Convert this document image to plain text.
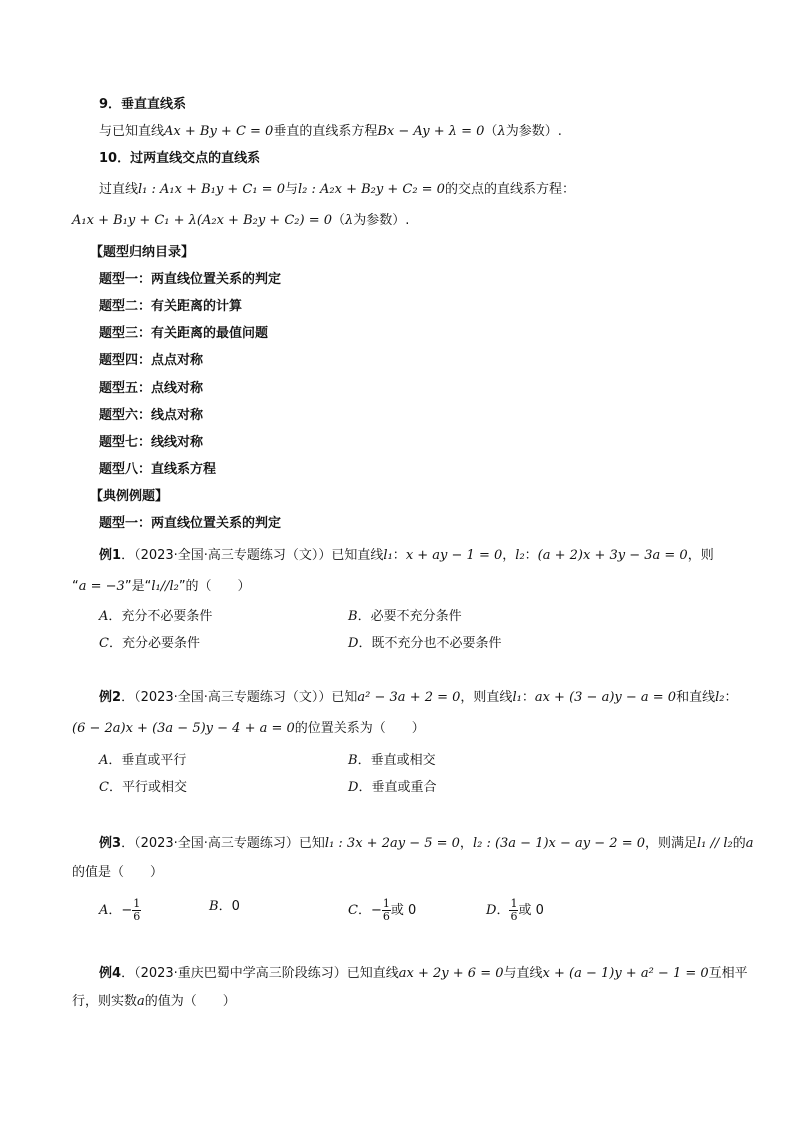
9．垂直直线系
与已知直线Ax + By + C = 0垂直的直线系方程Bx − Ay + λ = 0（λ为参数）.
10．过两直线交点的直线系
过直线l₁ : A₁x + B₁y + C₁ = 0与l₂ : A₂x + B₂y + C₂ = 0的交点的直线系方程：
A₁x + B₁y + C₁ + λ(A₂x + B₂y + C₂) = 0（λ为参数）.
【题型归纳目录】
题型一：两直线位置关系的判定
题型二：有关距离的计算
题型三：有关距离的最值问题
题型四：点点对称
题型五：点线对称
题型六：线点对称
题型七：线线对称
题型八：直线系方程
【典例例题】
题型一：两直线位置关系的判定
例1．（2023·全国·高三专题练习（文））已知直线l₁：x + ay − 1 = 0，l₂：(a + 2)x + 3y − 3a = 0，则
“a = −3”是“l₁//l₂”的（　　）
A．充分不必要条件	B．必要不充分条件
C．充分必要条件	D．既不充分也不必要条件
例2．（2023·全国·高三专题练习（文））已知a² − 3a + 2 = 0，则直线l₁：ax + (3 − a)y − a = 0和直线l₂：
(6 − 2a)x + (3a − 5)y − 4 + a = 0的位置关系为（　　）
A．垂直或平行	B．垂直或相交
C．平行或相交	D．垂直或重合
例3．（2023·全国·高三专题练习）已知l₁ : 3x + 2ay − 5 = 0，l₂ : (3a − 1)x − ay − 2 = 0，则满足l₁ // l₂的a
的值是（　　）
A．− $\frac{1}{6}$	B．0	C．− $\frac{1}{6}$ 或 0	D． $\frac{1}{6}$ 或 0
例4．（2023·重庆巴蜀中学高三阶段练习）已知直线ax + 2y + 6 = 0与直线x + (a − 1)y + a² − 1 = 0互相平
行，则实数a的值为（　　）
